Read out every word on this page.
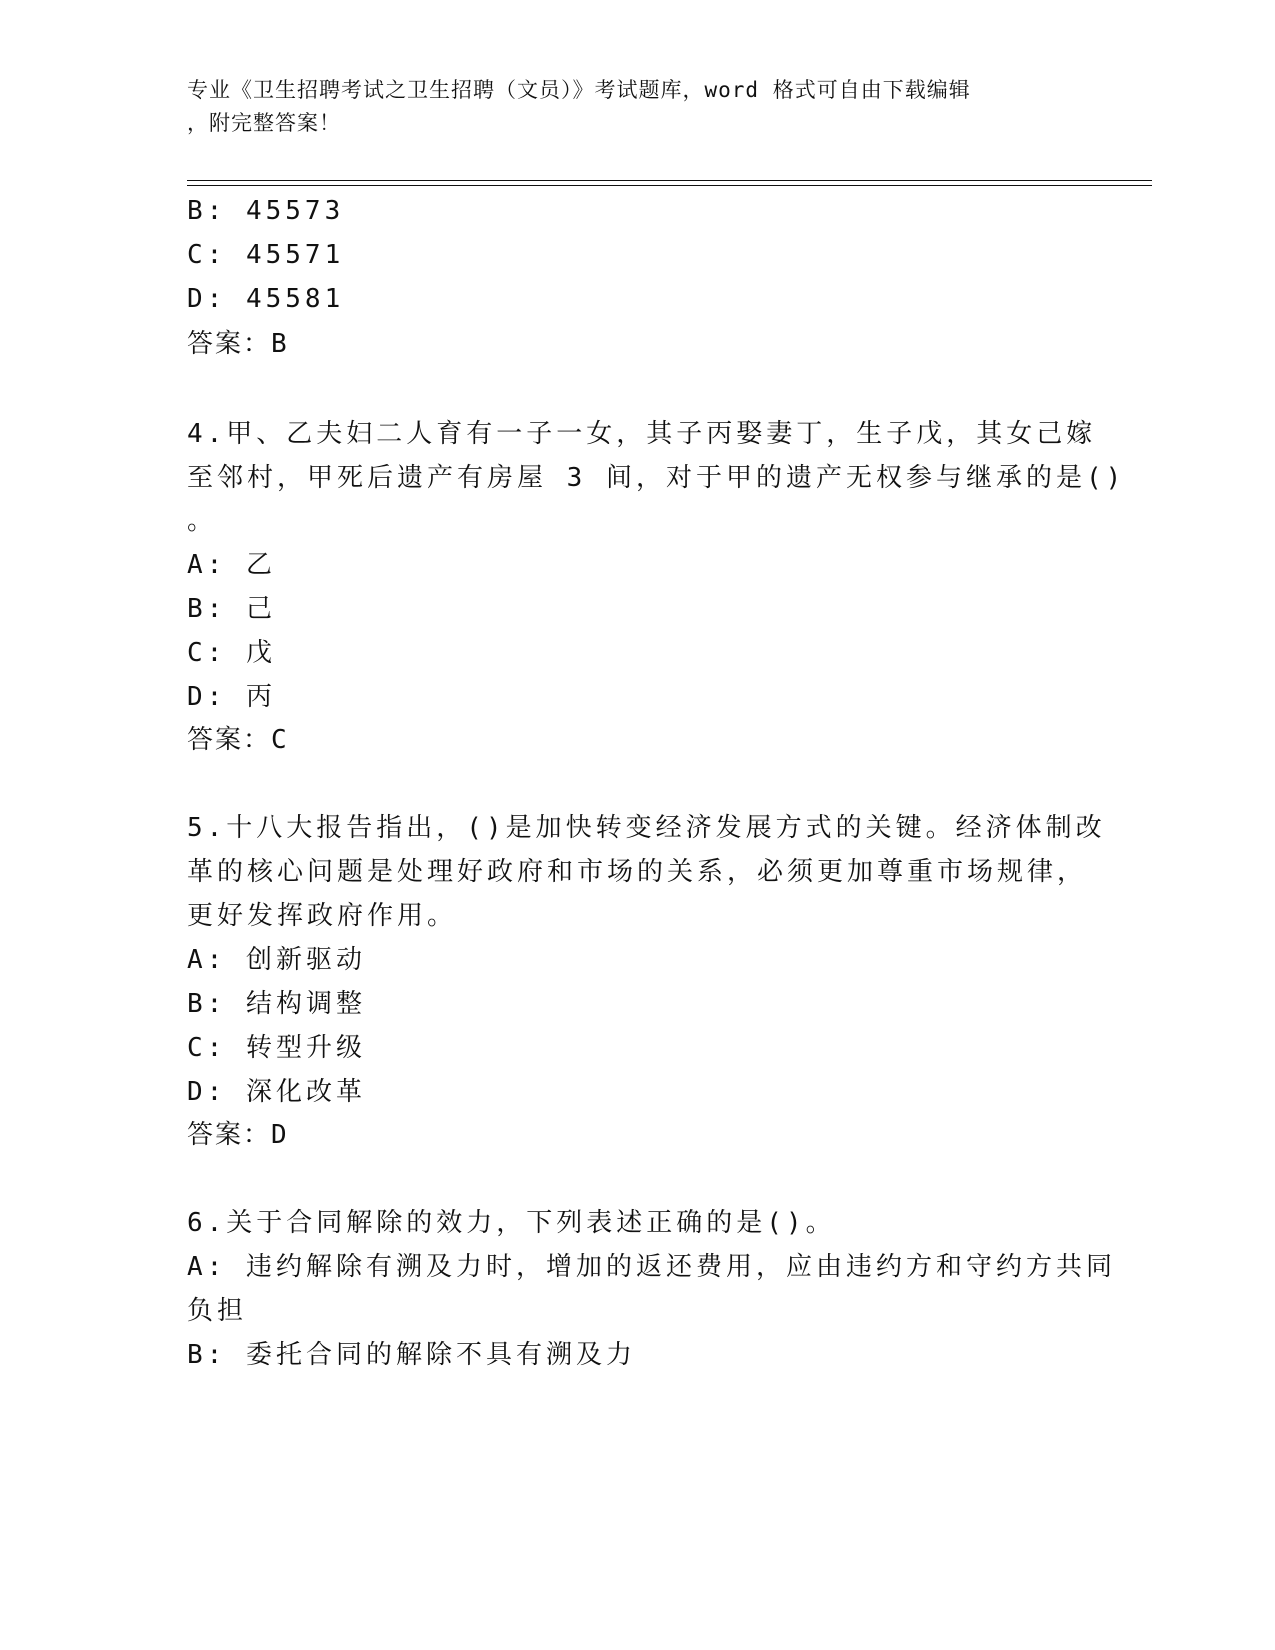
专业《卫生招聘考试之卫生招聘（文员）》考试题库，word 格式可自由下载编辑
，附完整答案！
B: 45573
C: 45571
D: 45581
答案：B
4.甲、乙夫妇二人育有一子一女，其子丙娶妻丁，生子戊，其女己嫁
至邻村，甲死后遗产有房屋 3 间，对于甲的遗产无权参与继承的是()
。
A: 乙
B: 己
C: 戊
D: 丙
答案：C
5.十八大报告指出，()是加快转变经济发展方式的关键。经济体制改
革的核心问题是处理好政府和市场的关系，必须更加尊重市场规律，
更好发挥政府作用。
A: 创新驱动
B: 结构调整
C: 转型升级
D: 深化改革
答案：D
6.关于合同解除的效力，下列表述正确的是()。
A: 违约解除有溯及力时，增加的返还费用，应由违约方和守约方共同
负担
B: 委托合同的解除不具有溯及力
